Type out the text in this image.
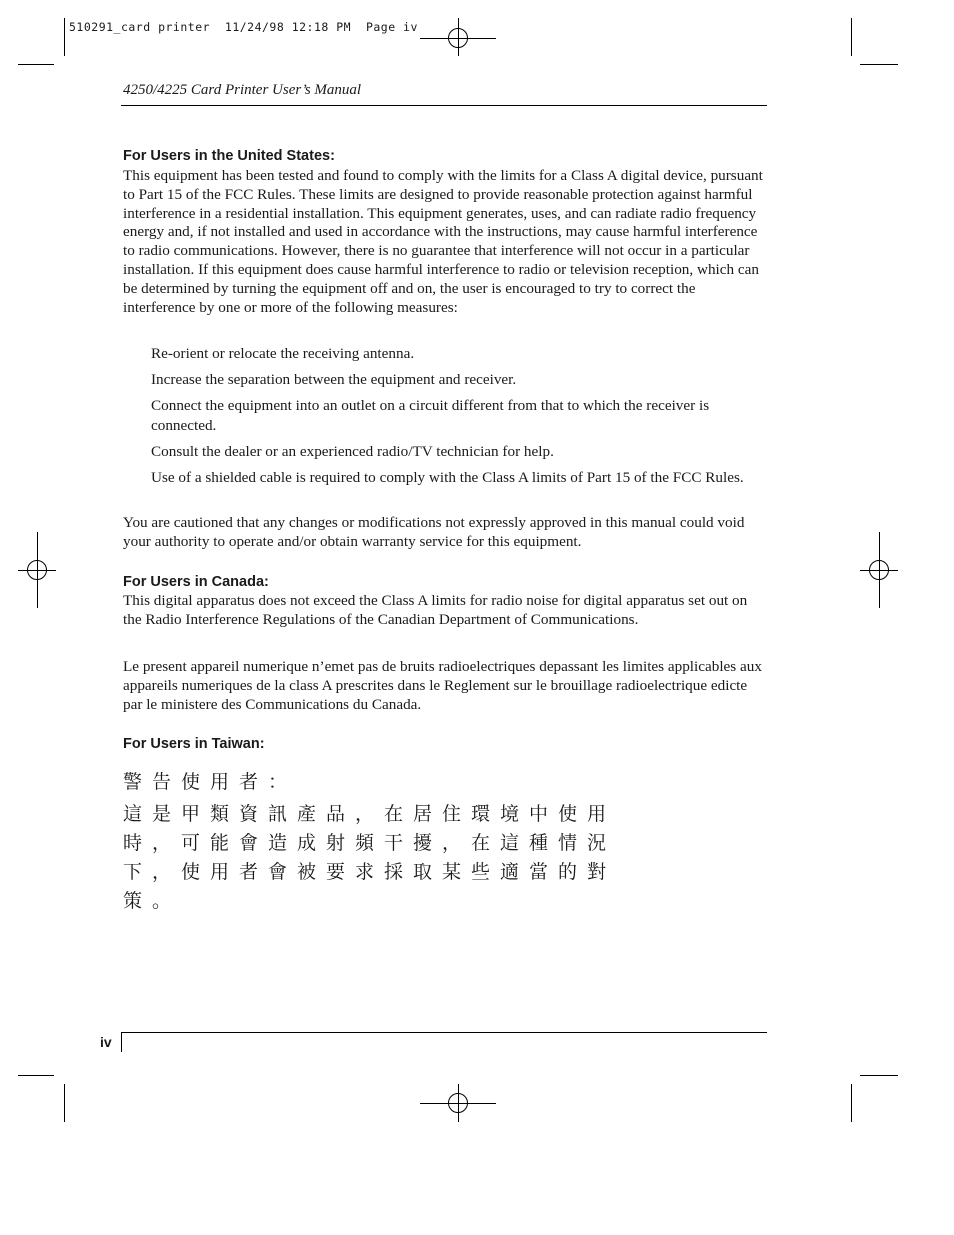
510291_card printer  11/24/98 12:18 PM  Page iv
4250/4225 Card Printer User’s Manual
For Users in the United States:
This equipment has been tested and found to comply with the limits for a Class A digital device, pursuant to Part 15 of the FCC Rules. These limits are designed to provide reasonable protection against harmful interference in a residential installation. This equipment generates, uses, and can radiate radio frequency energy and, if not installed and used in accordance with the instructions, may cause harmful interference to radio communications. However, there is no guarantee that interference will not occur in a particular installation. If this equipment does cause harmful interference to radio or television reception, which can be determined by turning the equipment off and on, the user is encouraged to try to correct the interference by one or more of the following measures:
Re-orient or relocate the receiving antenna.
Increase the separation between the equipment and receiver.
Connect the equipment into an outlet on a circuit different from that to which the receiver is connected.
Consult the dealer or an experienced radio/TV technician for help.
Use of a shielded cable is required to comply with the Class A limits of Part 15 of the FCC Rules.
You are cautioned that any changes or modifications not expressly approved in this manual could void your authority to operate and/or obtain warranty service for this equipment.
For Users in Canada:
This digital apparatus does not exceed the Class A limits for radio noise for digital apparatus set out on the Radio Interference Regulations of the Canadian Department of Communications.
Le present appareil numerique n’emet pas de bruits radioelectriques depassant les limites applicables aux appareils numeriques de la class A prescrites dans le Reglement sur le brouillage radioelectrique edicte par le ministere des Communications du Canada.
For Users in Taiwan:
警告使用者：
這是甲類資訊產品，在居住環境中使用
時，可能會造成射頻干擾，在這種情況
下，使用者會被要求採取某些適當的對
策。
iv
